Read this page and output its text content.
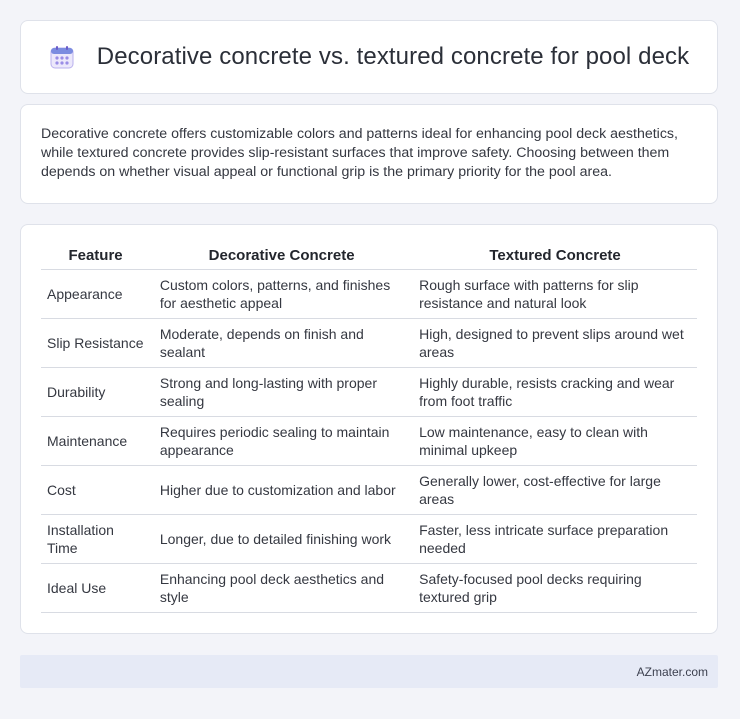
Decorative concrete vs. textured concrete for pool deck

Decorative concrete offers customizable colors and patterns ideal for enhancing pool deck aesthetics, while textured concrete provides slip-resistant surfaces that improve safety. Choosing between them depends on whether visual appeal or functional grip is the primary priority for the pool area.

Feature		Decorative Concrete		Textured Concrete
Appearance		Custom colors, patterns, and finishes for aesthetic appeal		Rough surface with patterns for slip resistance and natural look
Slip Resistance		Moderate, depends on finish and sealant		High, designed to prevent slips around wet areas
Durability		Strong and long-lasting with proper sealing		Highly durable, resists cracking and wear from foot traffic
Maintenance		Requires periodic sealing to maintain appearance		Low maintenance, easy to clean with minimal upkeep
Cost		Higher due to customization and labor		Generally lower, cost-effective for large areas
Installation Time		Longer, due to detailed finishing work		Faster, less intricate surface preparation needed
Ideal Use		Enhancing pool deck aesthetics and style		Safety-focused pool decks requiring textured grip
AZmater.com
